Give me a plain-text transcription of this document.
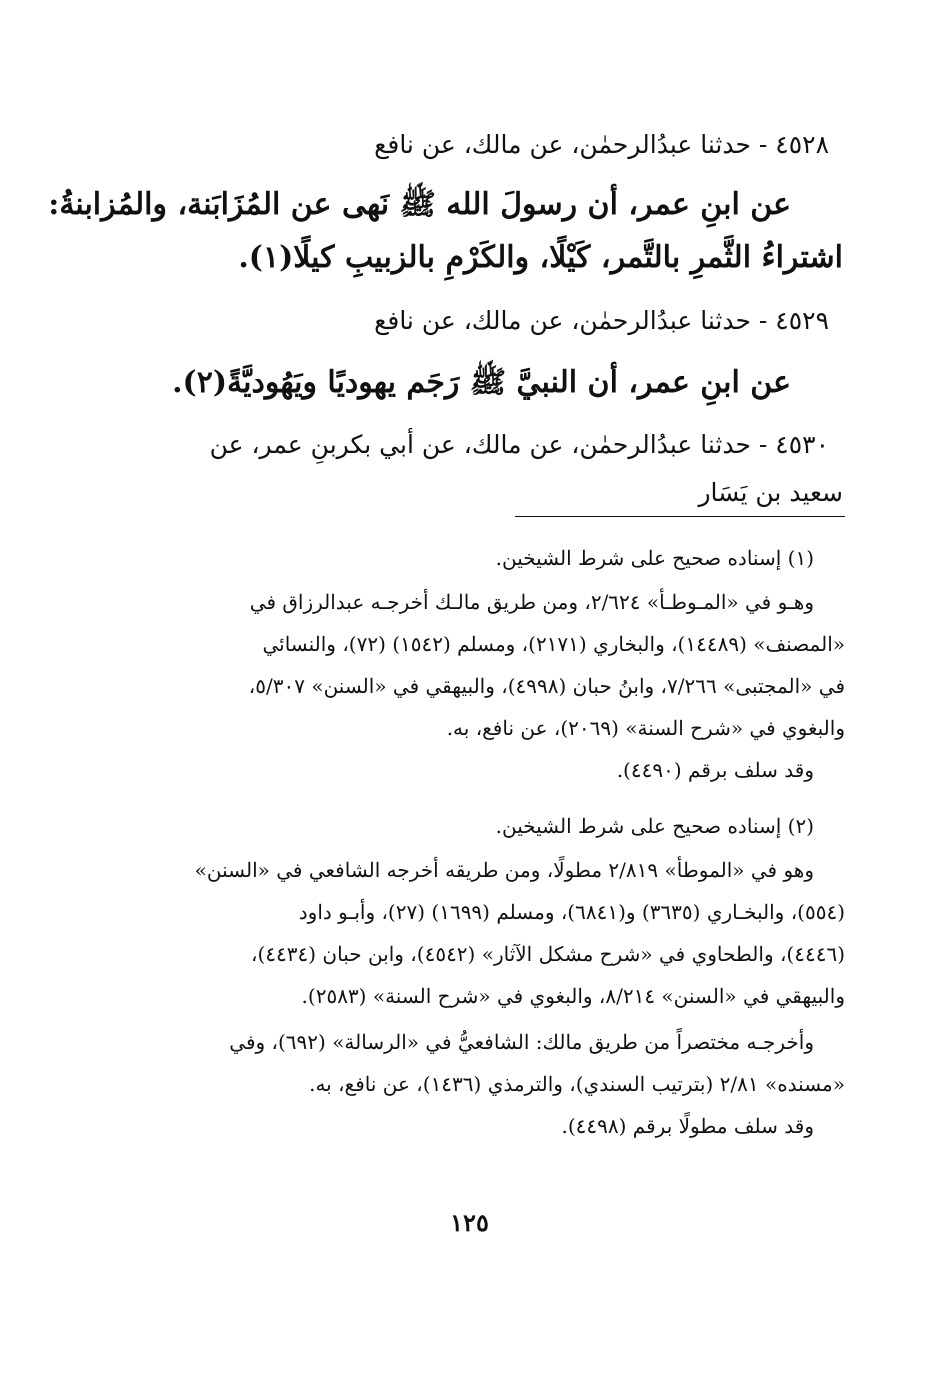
٤٥٢٨ - حدثنا عبدُالرحمٰن، عن مالك، عن نافع
عن ابنِ عمر، أن رسولَ الله ﷺ نَهى عن المُزَابَنة، والمُزابنةُ:
اشتراءُ الثَّمرِ بالتَّمر، كَيْلًا، والكَرْمِ بالزبيبِ كيلًا(١).
٤٥٢٩ - حدثنا عبدُالرحمٰن، عن مالك، عن نافع
عن ابنِ عمر، أن النبيَّ ﷺ رَجَم يهوديًا ويَهُوديَّةً(٢).
٤٥٣٠ - حدثنا عبدُالرحمٰن، عن مالك، عن أبي بكربنِ عمر، عن
سعيد بن يَسَار
(١) إسناده صحيح على شرط الشيخين.
وهـو في «المـوطـأ» ٢/٦٢٤، ومن طريق مالـك أخرجـه عبدالرزاق في
«المصنف» (١٤٤٨٩)، والبخاري (٢١٧١)، ومسلم (١٥٤٢) (٧٢)، والنسائي
في «المجتبى» ٧/٢٦٦، وابنُ حبان (٤٩٩٨)، والبيهقي في «السنن» ٥/٣٠٧،
والبغوي في «شرح السنة» (٢٠٦٩)، عن نافع، به.
وقد سلف برقم (٤٤٩٠).
(٢) إسناده صحيح على شرط الشيخين.
وهو في «الموطأ» ٢/٨١٩ مطولًا، ومن طريقه أخرجه الشافعي في «السنن»
(٥٥٤)، والبخـاري (٣٦٣٥) و(٦٨٤١)، ومسلم (١٦٩٩) (٢٧)، وأبـو داود
(٤٤٤٦)، والطحاوي في «شرح مشكل الآثار» (٤٥٤٢)، وابن حبان (٤٤٣٤)،
والبيهقي في «السنن» ٨/٢١٤، والبغوي في «شرح السنة» (٢٥٨٣).
وأخرجـه مختصراً من طريق مالك: الشافعيُّ في «الرسالة» (٦٩٢)، وفي
«مسنده» ٢/٨١ (بترتيب السندي)، والترمذي (١٤٣٦)، عن نافع، به.
وقد سلف مطولًا برقم (٤٤٩٨).
١٢٥
